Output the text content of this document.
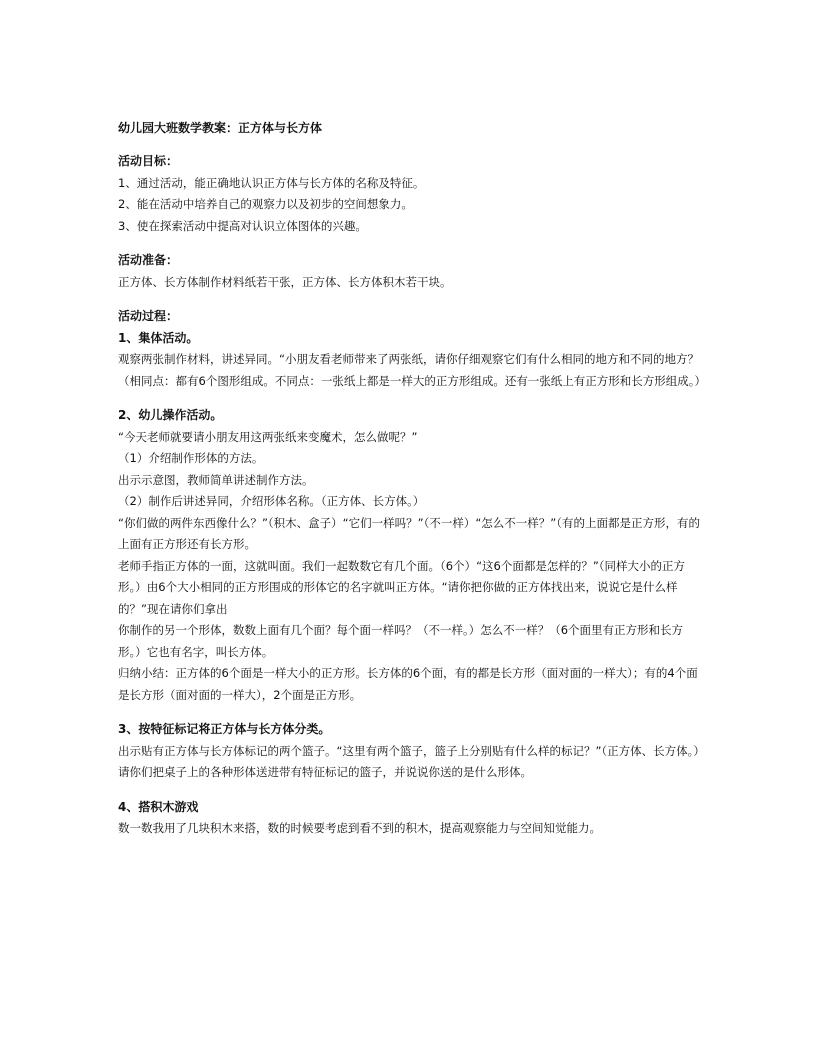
幼儿园大班数学教案：正方体与长方体
活动目标：
1、通过活动，能正确地认识正方体与长方体的名称及特征。
2、能在活动中培养自己的观察力以及初步的空间想象力。
3、使在探索活动中提高对认识立体图体的兴趣。
活动准备：
正方体、长方体制作材料纸若干张，正方体、长方体积木若干块。
活动过程：
1、集体活动。
观察两张制作材料，讲述异同。“小朋友看老师带来了两张纸，请你仔细观察它们有什么相同的地方和不同的地方？（相同点：都有6个图形组成。不同点：一张纸上都是一样大的正方形组成。还有一张纸上有正方形和长方形组成。）
2、幼儿操作活动。
“今天老师就要请小朋友用这两张纸来变魔术，怎么做呢？”
（1）介绍制作形体的方法。
出示示意图，教师简单讲述制作方法。
（2）制作后讲述异同，介绍形体名称。（正方体、长方体。）
“你们做的两件东西像什么？”（积木、盒子）“它们一样吗？”（不一样）“怎么不一样？”（有的上面都是正方形，有的上面有正方形还有长方形。
老师手指正方体的一面，这就叫面。我们一起数数它有几个面。（6个）“这6个面都是怎样的？”（同样大小的正方形。）由6个大小相同的正方形围成的形体它的名字就叫正方体。“请你把你做的正方体找出来，说说它是什么样的？”现在请你们拿出
你制作的另一个形体，数数上面有几个面？每个面一样吗？（不一样。）怎么不一样？（6个面里有正方形和长方形。）它也有名字，叫长方体。
归纳小结：正方体的6个面是一样大小的正方形。长方体的6个面，有的都是长方形（面对面的一样大）；有的4个面是长方形（面对面的一样大），2个面是正方形。
3、按特征标记将正方体与长方体分类。
出示贴有正方体与长方体标记的两个篮子。“这里有两个篮子，篮子上分别贴有什么样的标记？”（正方体、长方体。）请你们把桌子上的各种形体送进带有特征标记的篮子，并说说你送的是什么形体。
4、搭积木游戏
数一数我用了几块积木来搭，数的时候要考虑到看不到的积木，提高观察能力与空间知觉能力。
